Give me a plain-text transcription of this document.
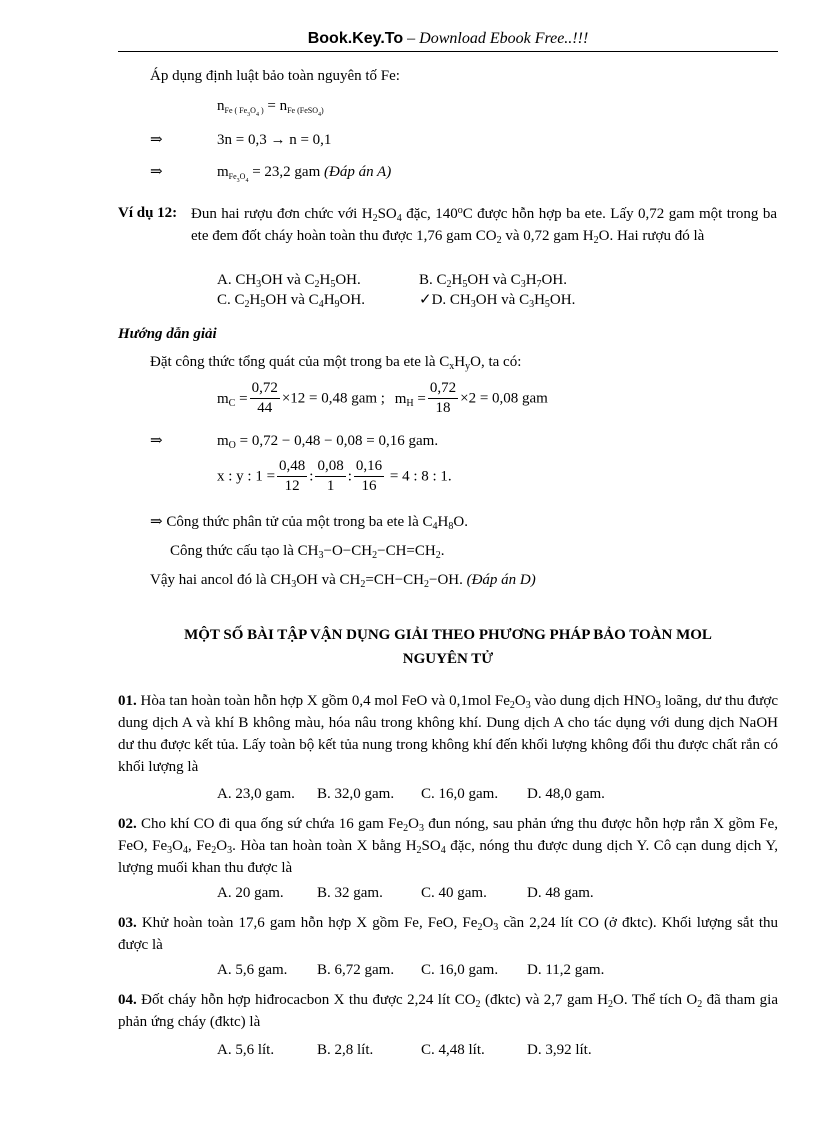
Book.Key.To – Download Ebook Free..!!!
Áp dụng định luật bảo toàn nguyên tố Fe:
$n_{Fe ( Fe_3O_4 )} = n_{Fe (FeSO_4)}$
⇒	3n = 0,3 → n = 0,1
⇒	$m_{Fe_3O_4} = 23,2$ gam (Đáp án A)
Ví dụ 12: Đun hai rượu đơn chức với $H_2SO_4$ đặc, 140$^o$C được hỗn hợp ba ete. Lấy 0,72 gam một trong ba ete đem đốt cháy hoàn toàn thu được 1,76 gam $CO_2$ và 0,72 gam $H_2O$. Hai rượu đó là
A. $CH_3OH$ và $C_2H_5OH$.	B. $C_2H_5OH$ và $C_3H_7OH$.
C. $C_2H_5OH$ và $C_4H_9OH$.	✓D. $CH_3OH$ và $C_3H_5OH$.
Hướng dẫn giải
Đặt công thức tổng quát của một trong ba ete là $C_xH_yO$, ta có:
$m_C = \frac{0,72}{44} \times 12 = 0,48$ gam ; $m_H = \frac{0,72}{18} \times 2 = 0,08$ gam
⇒	$m_O = 0,72 - 0,48 - 0,08 = 0,16$ gam.
x : y : $1 = \frac{0,48}{12}$ : $\frac{0,08}{1}$ : $\frac{0,16}{16} = 4$ : 8 : 1.
⇒ Công thức phân tử của một trong ba ete là $C_4H_8O$.
Công thức cấu tạo là $CH_3-O-CH_2-CH=CH_2$.
Vậy hai ancol đó là $CH_3OH$ và $CH_2=CH-CH_2-OH$. (Đáp án D)
MỘT SỐ BÀI TẬP VẬN DỤNG GIẢI THEO PHƯƠNG PHÁP BẢO TOÀN MOL
NGUYÊN TỬ
01. Hòa tan hoàn toàn hỗn hợp X gồm 0,4 mol FeO và 0,1mol $Fe_2O_3$ vào dung dịch $HNO_3$ loãng, dư thu được dung dịch A và khí B không màu, hóa nâu trong không khí. Dung dịch A cho tác dụng với dung dịch NaOH dư thu được kết tủa. Lấy toàn bộ kết tủa nung trong không khí đến khối lượng không đổi thu được chất rắn có khối lượng là
A. 23,0 gam. B. 32,0 gam. C. 16,0 gam. D. 48,0 gam.
02. Cho khí CO đi qua ống sứ chứa 16 gam $Fe_2O_3$ đun nóng, sau phản ứng thu được hỗn hợp rắn X gồm Fe, FeO, $Fe_3O_4$, $Fe_2O_3$. Hòa tan hoàn toàn X bằng $H_2SO_4$ đặc, nóng thu được dung dịch Y. Cô cạn dung dịch Y, lượng muối khan thu được là
A. 20 gam. B. 32 gam.	C. 40 gam.	D. 48 gam.
03. Khử hoàn toàn 17,6 gam hỗn hợp X gồm Fe, FeO, $Fe_2O_3$ cần 2,24 lít CO (ở đktc). Khối lượng sắt thu được là
A. 5,6 gam. B. 6,72 gam. C. 16,0 gam. D. 11,2 gam.
04. Đốt cháy hỗn hợp hiđrocacbon X thu được 2,24 lít $CO_2$ (đktc) và 2,7 gam $H_2O$. Thể tích $O_2$ đã tham gia phản ứng cháy (đktc) là
A. 5,6 lít.	B. 2,8 lít.	C. 4,48 lít.	D. 3,92 lít.
